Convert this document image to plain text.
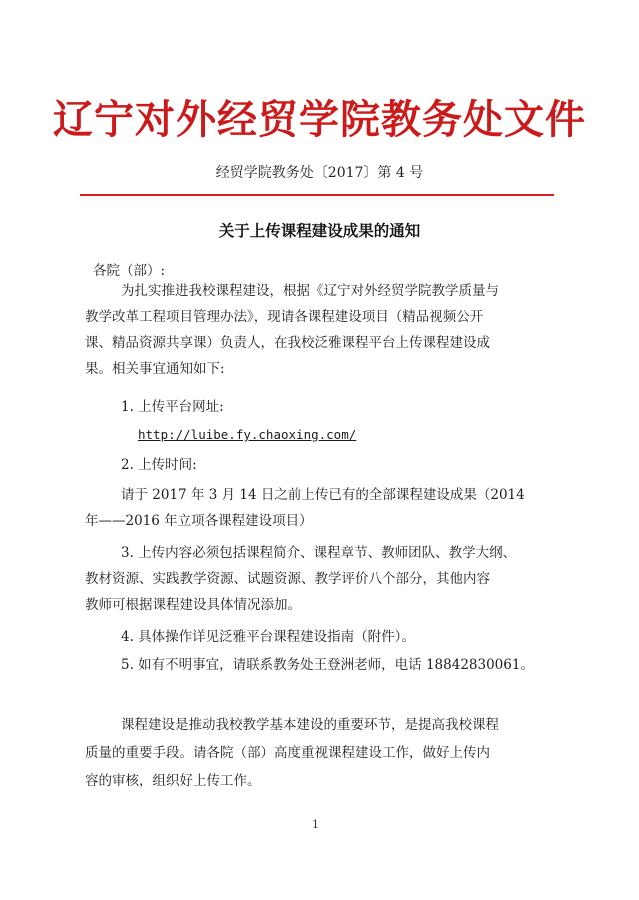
辽宁对外经贸学院教务处文件
经贸学院教务处〔2017〕第 4 号
关于上传课程建设成果的通知
各院（部）:
为扎实推进我校课程建设，根据《辽宁对外经贸学院教学质量与
教学改革工程项目管理办法》，现请各课程建设项目（精品视频公开
课、精品资源共享课）负责人，在我校泛雅课程平台上传课程建设成
果。相关事宜通知如下:
1. 上传平台网址:
http://luibe.fy.chaoxing.com/
2. 上传时间:
请于 2017 年 3 月 14 日之前上传已有的全部课程建设成果（2014
年——2016 年立项各课程建设项目）
3. 上传内容必须包括课程简介、课程章节、教师团队、教学大纲、
教材资源、实践教学资源、试题资源、教学评价八个部分，其他内容
教师可根据课程建设具体情况添加。
4. 具体操作详见泛雅平台课程建设指南（附件）。
5. 如有不明事宜，请联系教务处王登洲老师，电话 18842830061。
课程建设是推动我校教学基本建设的重要环节，是提高我校课程
质量的重要手段。请各院（部）高度重视课程建设工作，做好上传内
容的审核，组织好上传工作。
1
